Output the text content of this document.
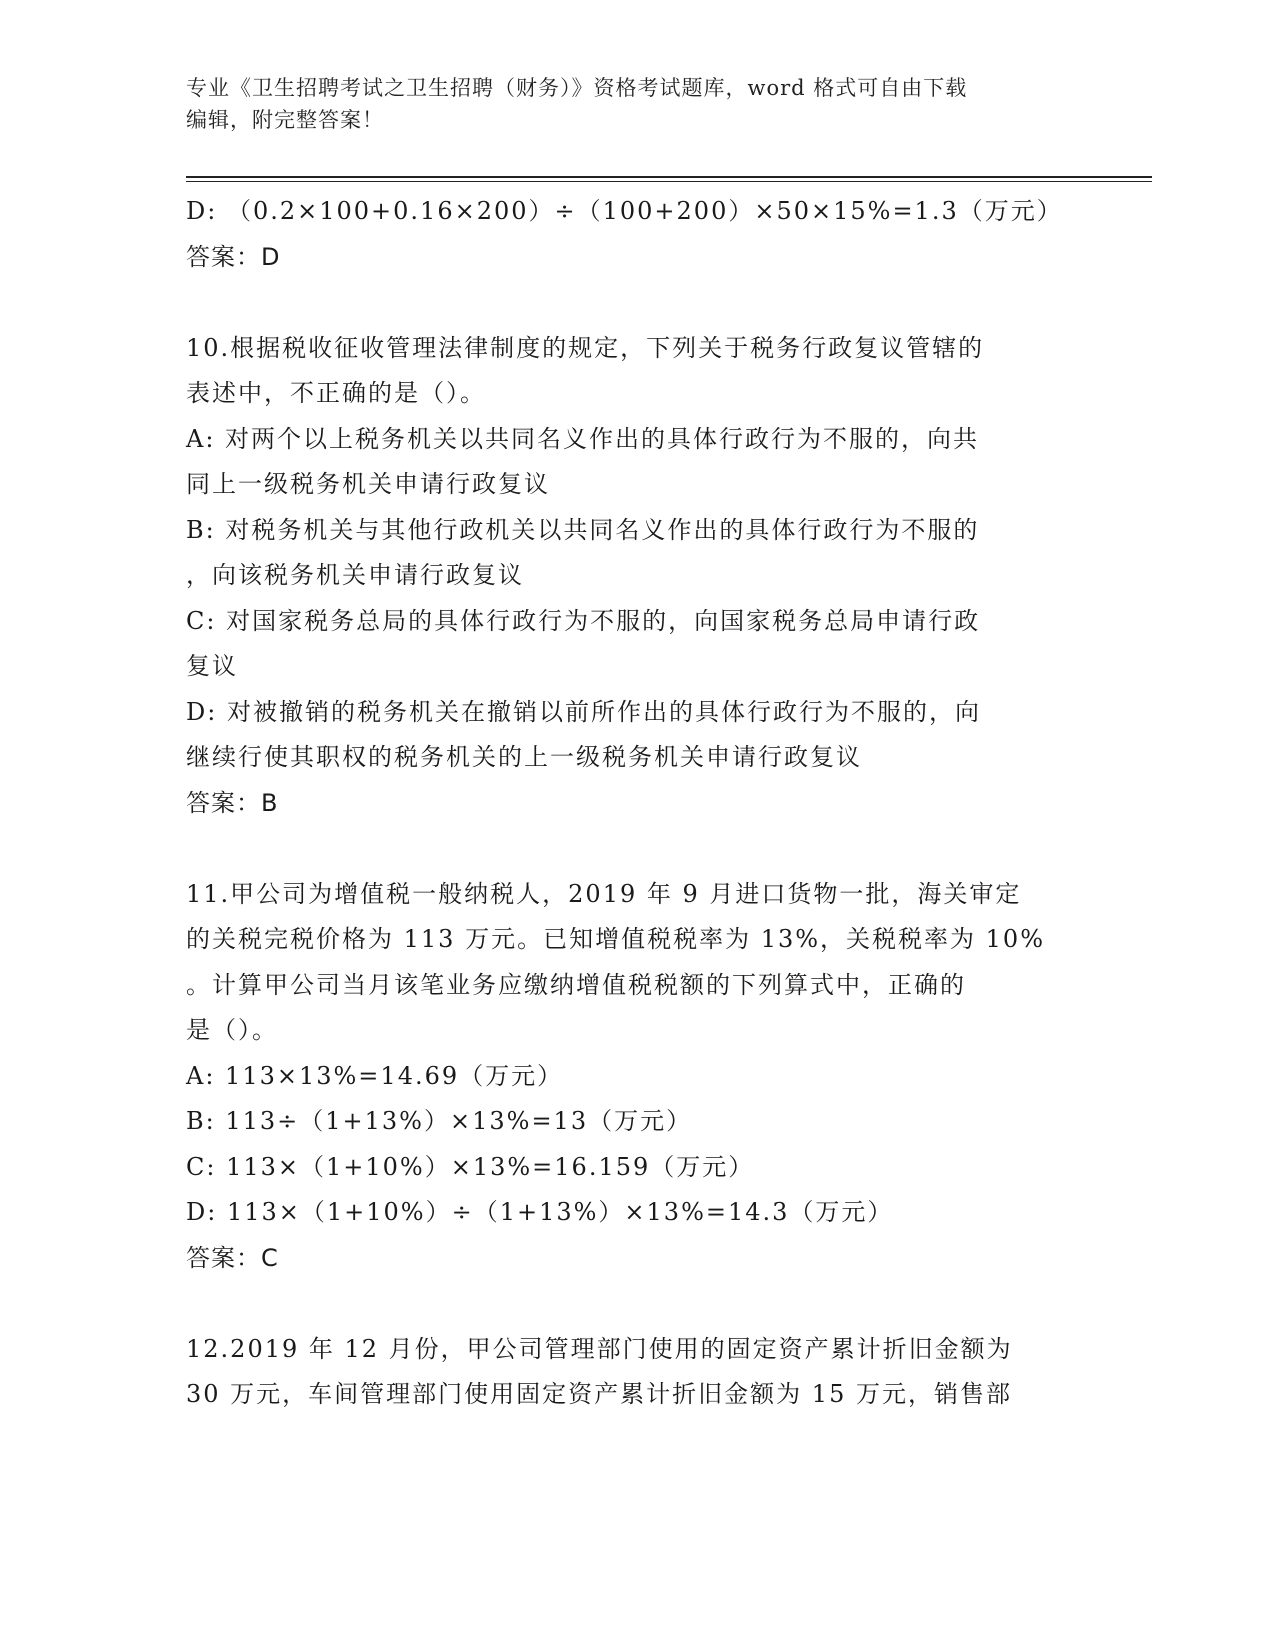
专业《卫生招聘考试之卫生招聘（财务）》资格考试题库，word 格式可自由下载
编辑，附完整答案！
D: （0.2×100+0.16×200）÷（100+200）×50×15%=1.3（万元）
答案：D
10.根据税收征收管理法律制度的规定，下列关于税务行政复议管辖的
表述中，不正确的是（）。
A: 对两个以上税务机关以共同名义作出的具体行政行为不服的，向共
同上一级税务机关申请行政复议
B: 对税务机关与其他行政机关以共同名义作出的具体行政行为不服的
，向该税务机关申请行政复议
C: 对国家税务总局的具体行政行为不服的，向国家税务总局申请行政
复议
D: 对被撤销的税务机关在撤销以前所作出的具体行政行为不服的，向
继续行使其职权的税务机关的上一级税务机关申请行政复议
答案：B
11.甲公司为增值税一般纳税人，2019 年 9 月进口货物一批，海关审定
的关税完税价格为 113 万元。已知增值税税率为 13%，关税税率为 10%
。计算甲公司当月该笔业务应缴纳增值税税额的下列算式中，正确的
是（）。
A: 113×13%=14.69（万元）
B: 113÷（1+13%）×13%=13（万元）
C: 113×（1+10%）×13%=16.159（万元）
D: 113×（1+10%）÷（1+13%）×13%=14.3（万元）
答案：C
12.2019 年 12 月份，甲公司管理部门使用的固定资产累计折旧金额为
30 万元，车间管理部门使用固定资产累计折旧金额为 15 万元，销售部
